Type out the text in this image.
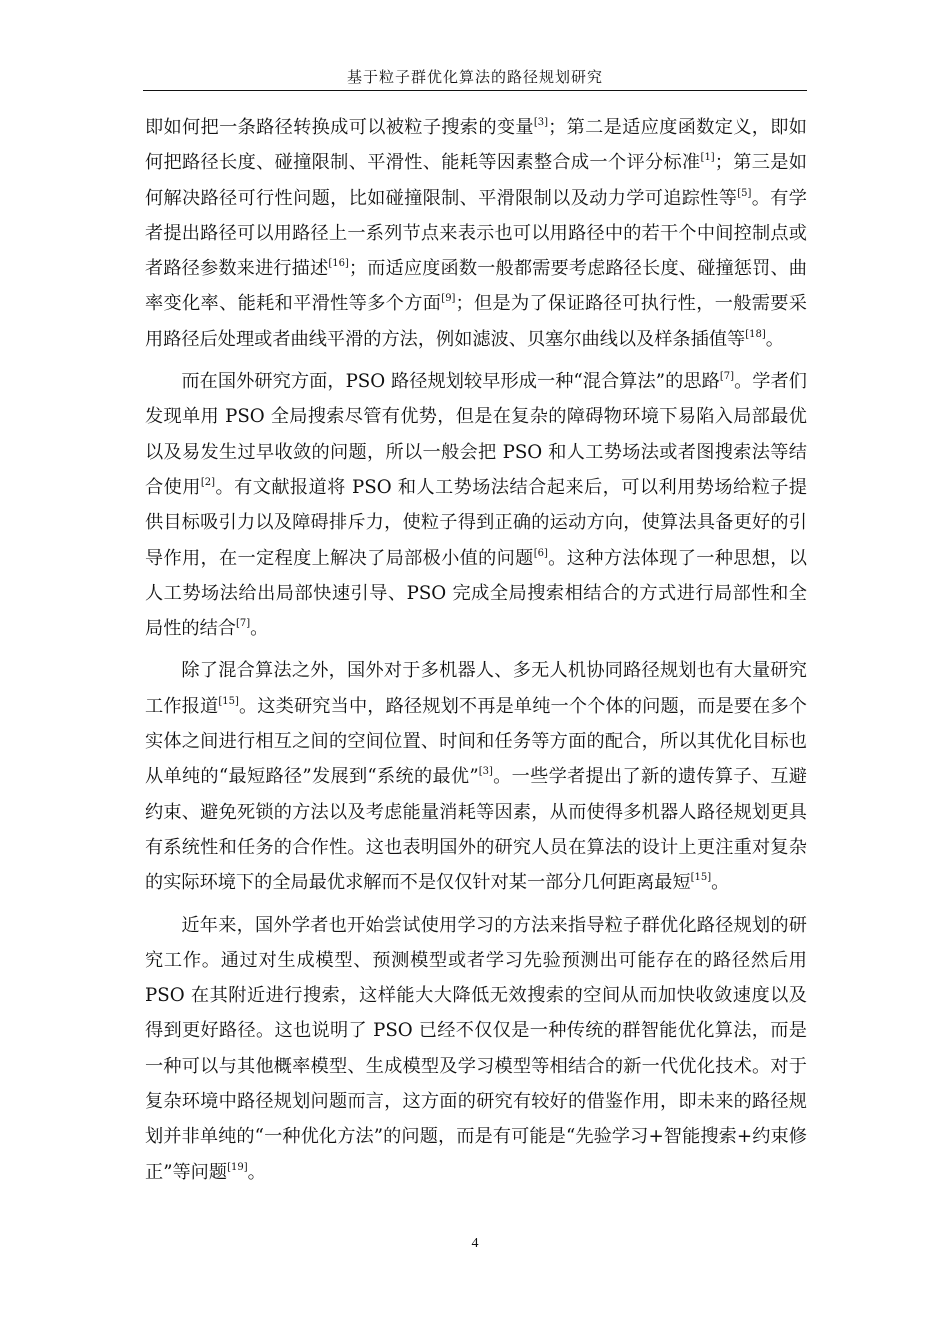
基于粒子群优化算法的路径规划研究

即如何把一条路径转换成可以被粒子搜索的变量[3]；第二是适应度函数定义，即如何把路径长度、碰撞限制、平滑性、能耗等因素整合成一个评分标准[1]；第三是如何解决路径可行性问题，比如碰撞限制、平滑限制以及动力学可追踪性等[5]。有学者提出路径可以用路径上一系列节点来表示也可以用路径中的若干个中间控制点或者路径参数来进行描述[16]；而适应度函数一般都需要考虑路径长度、碰撞惩罚、曲率变化率、能耗和平滑性等多个方面[9]；但是为了保证路径可执行性，一般需要采用路径后处理或者曲线平滑的方法，例如滤波、贝塞尔曲线以及样条插值等[18]。

而在国外研究方面，PSO 路径规划较早形成一种“混合算法”的思路[7]。学者们发现单用 PSO 全局搜索尽管有优势，但是在复杂的障碍物环境下易陷入局部最优以及易发生过早收敛的问题，所以一般会把 PSO 和人工势场法或者图搜索法等结合使用[2]。有文献报道将 PSO 和人工势场法结合起来后，可以利用势场给粒子提供目标吸引力以及障碍排斥力，使粒子得到正确的运动方向，使算法具备更好的引导作用，在一定程度上解决了局部极小值的问题[6]。这种方法体现了一种思想，以人工势场法给出局部快速引导、PSO 完成全局搜索相结合的方式进行局部性和全局性的结合[7]。

除了混合算法之外，国外对于多机器人、多无人机协同路径规划也有大量研究工作报道[15]。这类研究当中，路径规划不再是单纯一个个体的问题，而是要在多个实体之间进行相互之间的空间位置、时间和任务等方面的配合，所以其优化目标也从单纯的“最短路径”发展到“系统的最优”[3]。一些学者提出了新的遗传算子、互避约束、避免死锁的方法以及考虑能量消耗等因素，从而使得多机器人路径规划更具有系统性和任务的合作性。这也表明国外的研究人员在算法的设计上更注重对复杂的实际环境下的全局最优求解而不是仅仅针对某一部分几何距离最短[15]。

近年来，国外学者也开始尝试使用学习的方法来指导粒子群优化路径规划的研究工作。通过对生成模型、预测模型或者学习先验预测出可能存在的路径然后用 PSO 在其附近进行搜索，这样能大大降低无效搜索的空间从而加快收敛速度以及得到更好路径。这也说明了 PSO 已经不仅仅是一种传统的群智能优化算法，而是一种可以与其他概率模型、生成模型及学习模型等相结合的新一代优化技术。对于复杂环境中路径规划问题而言，这方面的研究有较好的借鉴作用，即未来的路径规划并非单纯的“一种优化方法”的问题，而是有可能是“先验学习+智能搜索+约束修正”等问题[19]。

4
